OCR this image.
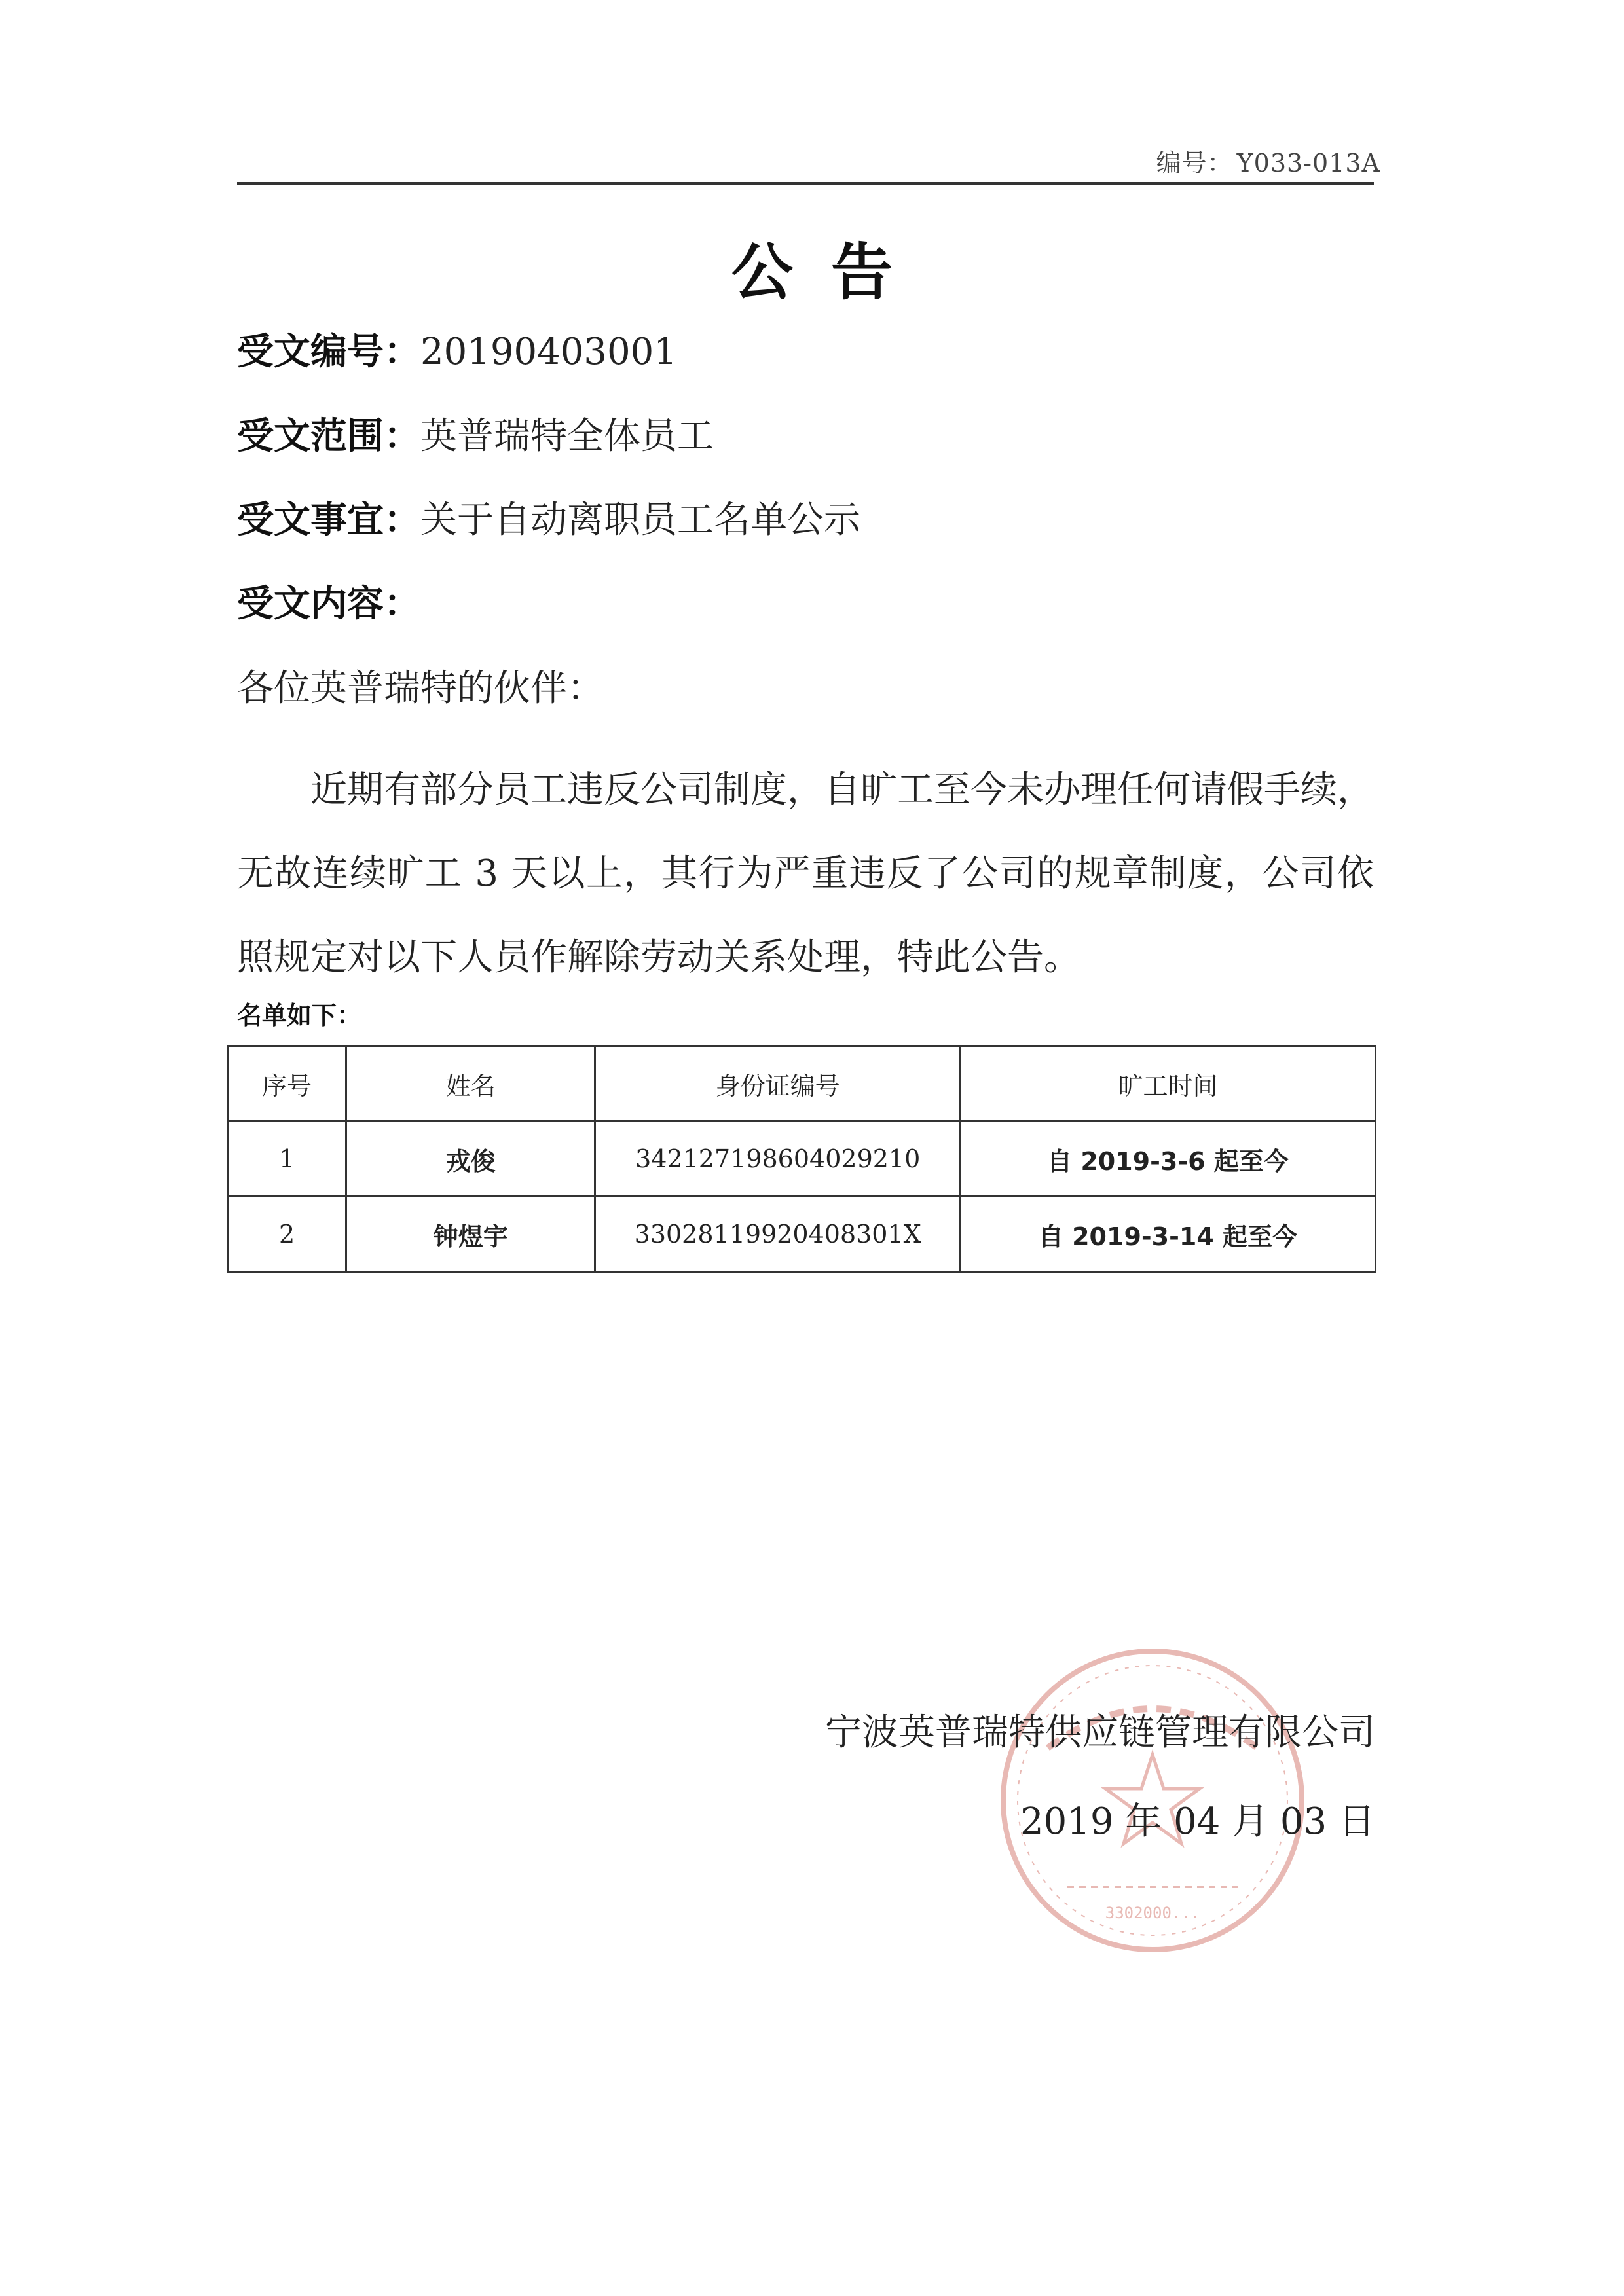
编号： Y033-013A
公告
受文编号：20190403001
受文范围：英普瑞特全体员工
受文事宜：关于自动离职员工名单公示
受文内容：
各位英普瑞特的伙伴：
近期有部分员工违反公司制度，自旷工至今未办理任何请假手续，无故连续旷工 3 天以上，其行为严重违反了公司的规章制度，公司依照规定对以下人员作解除劳动关系处理，特此公告。
名单如下：
序号	姓名	身份证编号	旷工时间
1	戎俊	342127198604029210	自 2019-3-6 起至今
2	钟煜宇	33028119920408301X	自 2019-3-14 起至今
3302000...
宁波英普瑞特供应链管理有限公司
2019 年 04 月 03 日
